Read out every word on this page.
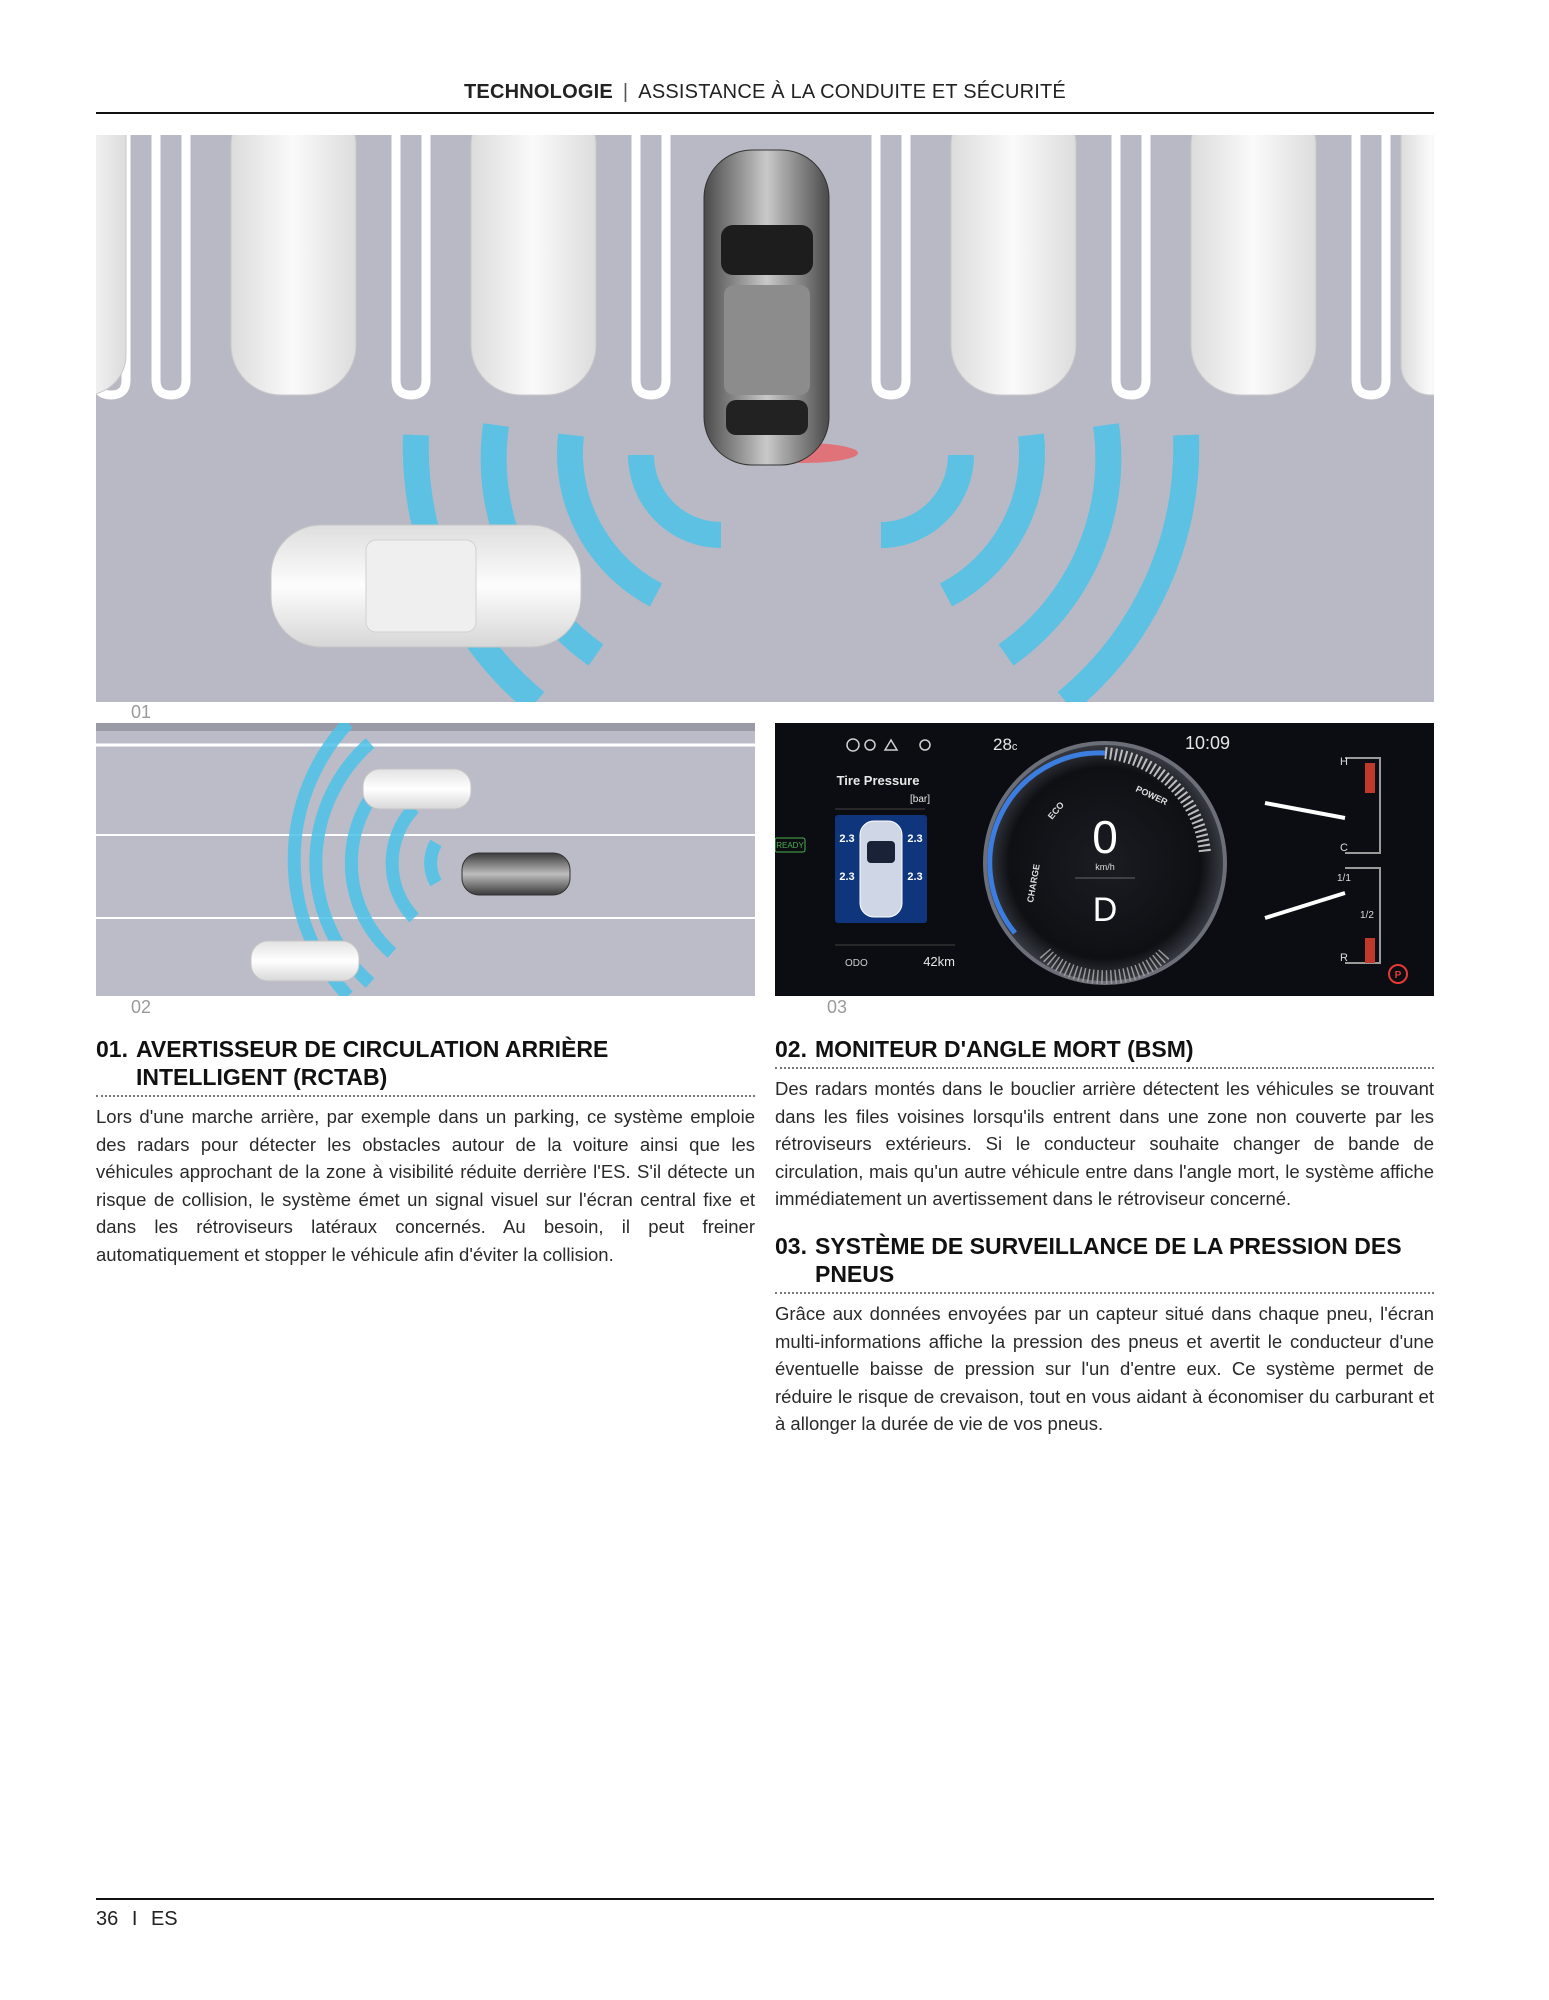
TECHNOLOGIE | ASSISTANCE À LA CONDUITE ET SÉCURITÉ
01
02
28c	10:09
Tire Pressure
[bar]
2.3	2.3
2.3	2.3
READY
ODO	42km
ECO
POWER
CHARGE
0
km/h
D
H
C
1/1
1/2
R
P
03
01. AVERTISSEUR DE CIRCULATION ARRIÈRE INTELLIGENT (RCTAB)
Lors d'une marche arrière, par exemple dans un parking, ce système emploie des radars pour détecter les obstacles autour de la voiture ainsi que les véhicules approchant de la zone à visibilité réduite derrière l'ES. S'il détecte un risque de collision, le système émet un signal visuel sur l'écran central fixe et dans les rétroviseurs latéraux concernés. Au besoin, il peut freiner automatiquement et stopper le véhicule afin d'éviter la collision.
02. MONITEUR D'ANGLE MORT (BSM)
Des radars montés dans le bouclier arrière détectent les véhicules se trouvant dans les files voisines lorsqu'ils entrent dans une zone non couverte par les rétroviseurs extérieurs. Si le conducteur souhaite changer de bande de circulation, mais qu'un autre véhicule entre dans l'angle mort, le système affiche immédiatement un avertissement dans le rétroviseur concerné.
03. SYSTÈME DE SURVEILLANCE DE LA PRESSION DES PNEUS
Grâce aux données envoyées par un capteur situé dans chaque pneu, l'écran multi-informations affiche la pression des pneus et avertit le conducteur d'une éventuelle baisse de pression sur l'un d'entre eux. Ce système permet de réduire le risque de crevaison, tout en vous aidant à économiser du carburant et à allonger la durée de vie de vos pneus.
36 I ES
